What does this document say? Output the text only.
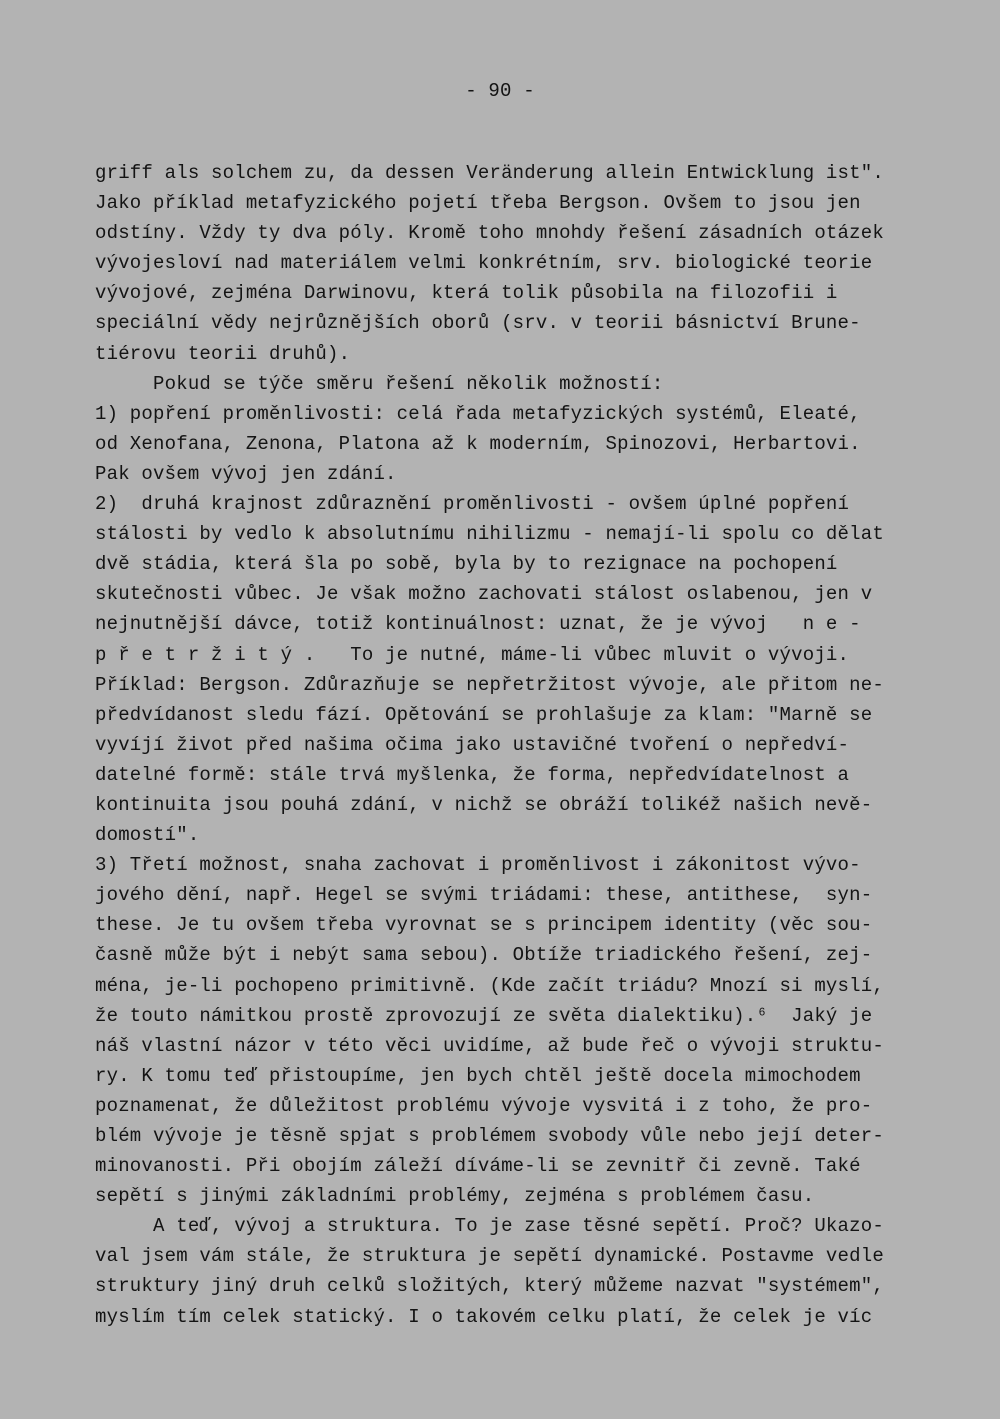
- 90 -
griff als solchem zu, da dessen Veränderung allein Entwicklung ist".
Jako příklad metafyzického pojetí třeba Bergson. Ovšem to jsou jen
odstíny. Vždy ty dva póly. Kromě toho mnohdy řešení zásadních otázek
vývojesloví nad materiálem velmi konkrétním, srv. biologické teorie
vývojové, zejména Darwinovu, která tolik působila na filozofii i
speciální vědy nejrůznějších oborů (srv. v teorii básnictví Brune-
tiérovu teorii druhů).
Pokud se týče směru řešení několik možností:
1) popření proměnlivosti: celá řada metafyzických systémů, Eleaté,
od Xenofana, Zenona, Platona až k moderním, Spinozovi, Herbartovi.
Pak ovšem vývoj jen zdání.
2)  druhá krajnost zdůraznění proměnlivosti - ovšem úplné popření
stálosti by vedlo k absolutnímu nihilizmu - nemají-li spolu co dělat
dvě stádia, která šla po sobě, byla by to rezignace na pochopení
skutečnosti vůbec. Je však možno zachovati stálost oslabenou, jen v
nejnutnější dávce, totiž kontinuálnost: uznat, že je vývoj   n e -
p ř e t r ž i t ý .   To je nutné, máme-li vůbec mluvit o vývoji.
Příklad: Bergson. Zdůrazňuje se nepřetržitost vývoje, ale přitom ne-
předvídanost sledu fází. Opětování se prohlašuje za klam: "Marně se
vyvíjí život před našima očima jako ustavičné tvoření o nepředví-
datelné formě: stále trvá myšlenka, že forma, nepředvídatelnost a
kontinuita jsou pouhá zdání, v nichž se obráží tolikéž našich nevě-
domostí".
3) Třetí možnost, snaha zachovat i proměnlivost i zákonitost vývo-
jového dění, např. Hegel se svými triádami: these, antithese,  syn-
these. Je tu ovšem třeba vyrovnat se s principem identity (věc sou-
časně může být i nebýt sama sebou). Obtíže triadického řešení, zej-
ména, je-li pochopeno primitivně. (Kde začít triádu? Mnozí si myslí,
že touto námitkou prostě zprovozují ze světa dialektiku).⁶  Jaký je
náš vlastní názor v této věci uvidíme, až bude řeč o vývoji struktu-
ry. K tomu teď přistoupíme, jen bych chtěl ještě docela mimochodem
poznamenat, že důležitost problému vývoje vysvitá i z toho, že pro-
blém vývoje je těsně spjat s problémem svobody vůle nebo její deter-
minovanosti. Při obojím záleží díváme-li se zevnitř či zevně. Také
sepětí s jinými základními problémy, zejména s problémem času.
A teď, vývoj a struktura. To je zase těsné sepětí. Proč? Ukazo-
val jsem vám stále, že struktura je sepětí dynamické. Postavme vedle
struktury jiný druh celků složitých, který můžeme nazvat "systémem",
myslím tím celek statický. I o takovém celku platí, že celek je víc
